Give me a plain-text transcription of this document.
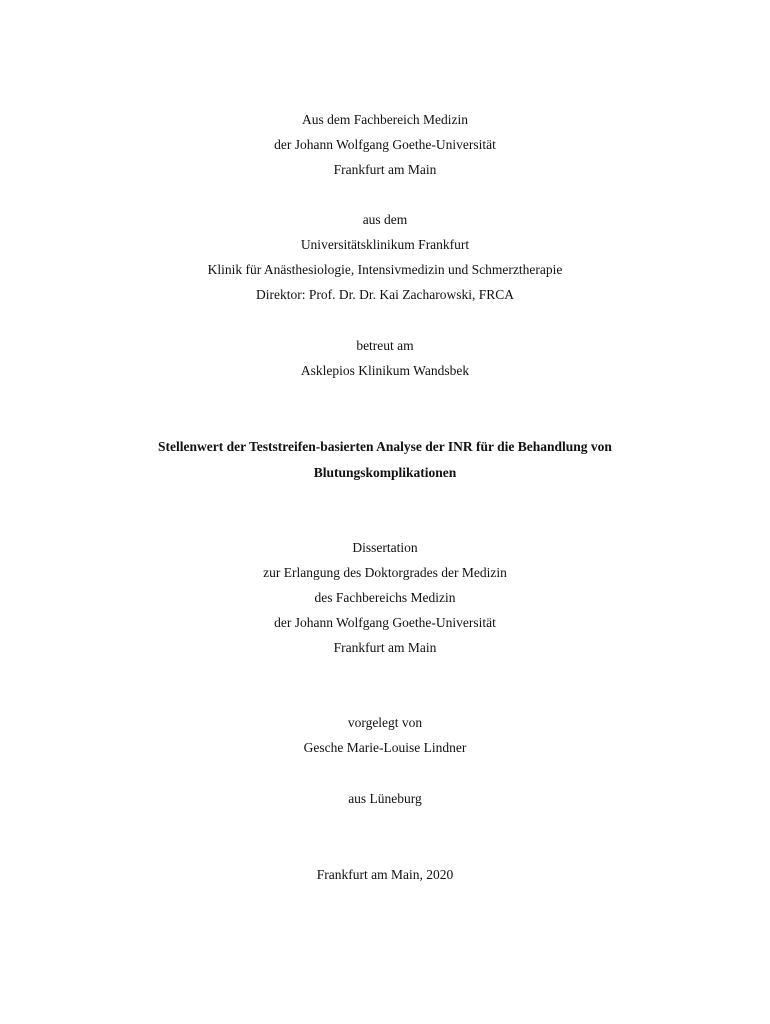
Aus dem Fachbereich Medizin
der Johann Wolfgang Goethe-Universität
Frankfurt am Main
aus dem
Universitätsklinikum Frankfurt
Klinik für Anästhesiologie, Intensivmedizin und Schmerztherapie
Direktor: Prof. Dr. Dr. Kai Zacharowski, FRCA
betreut am
Asklepios Klinikum Wandsbek
Stellenwert der Teststreifen-basierten Analyse der INR für die Behandlung von
Blutungskomplikationen
Dissertation
zur Erlangung des Doktorgrades der Medizin
des Fachbereichs Medizin
der Johann Wolfgang Goethe-Universität
Frankfurt am Main
vorgelegt von
Gesche Marie-Louise Lindner
aus Lüneburg
Frankfurt am Main, 2020
